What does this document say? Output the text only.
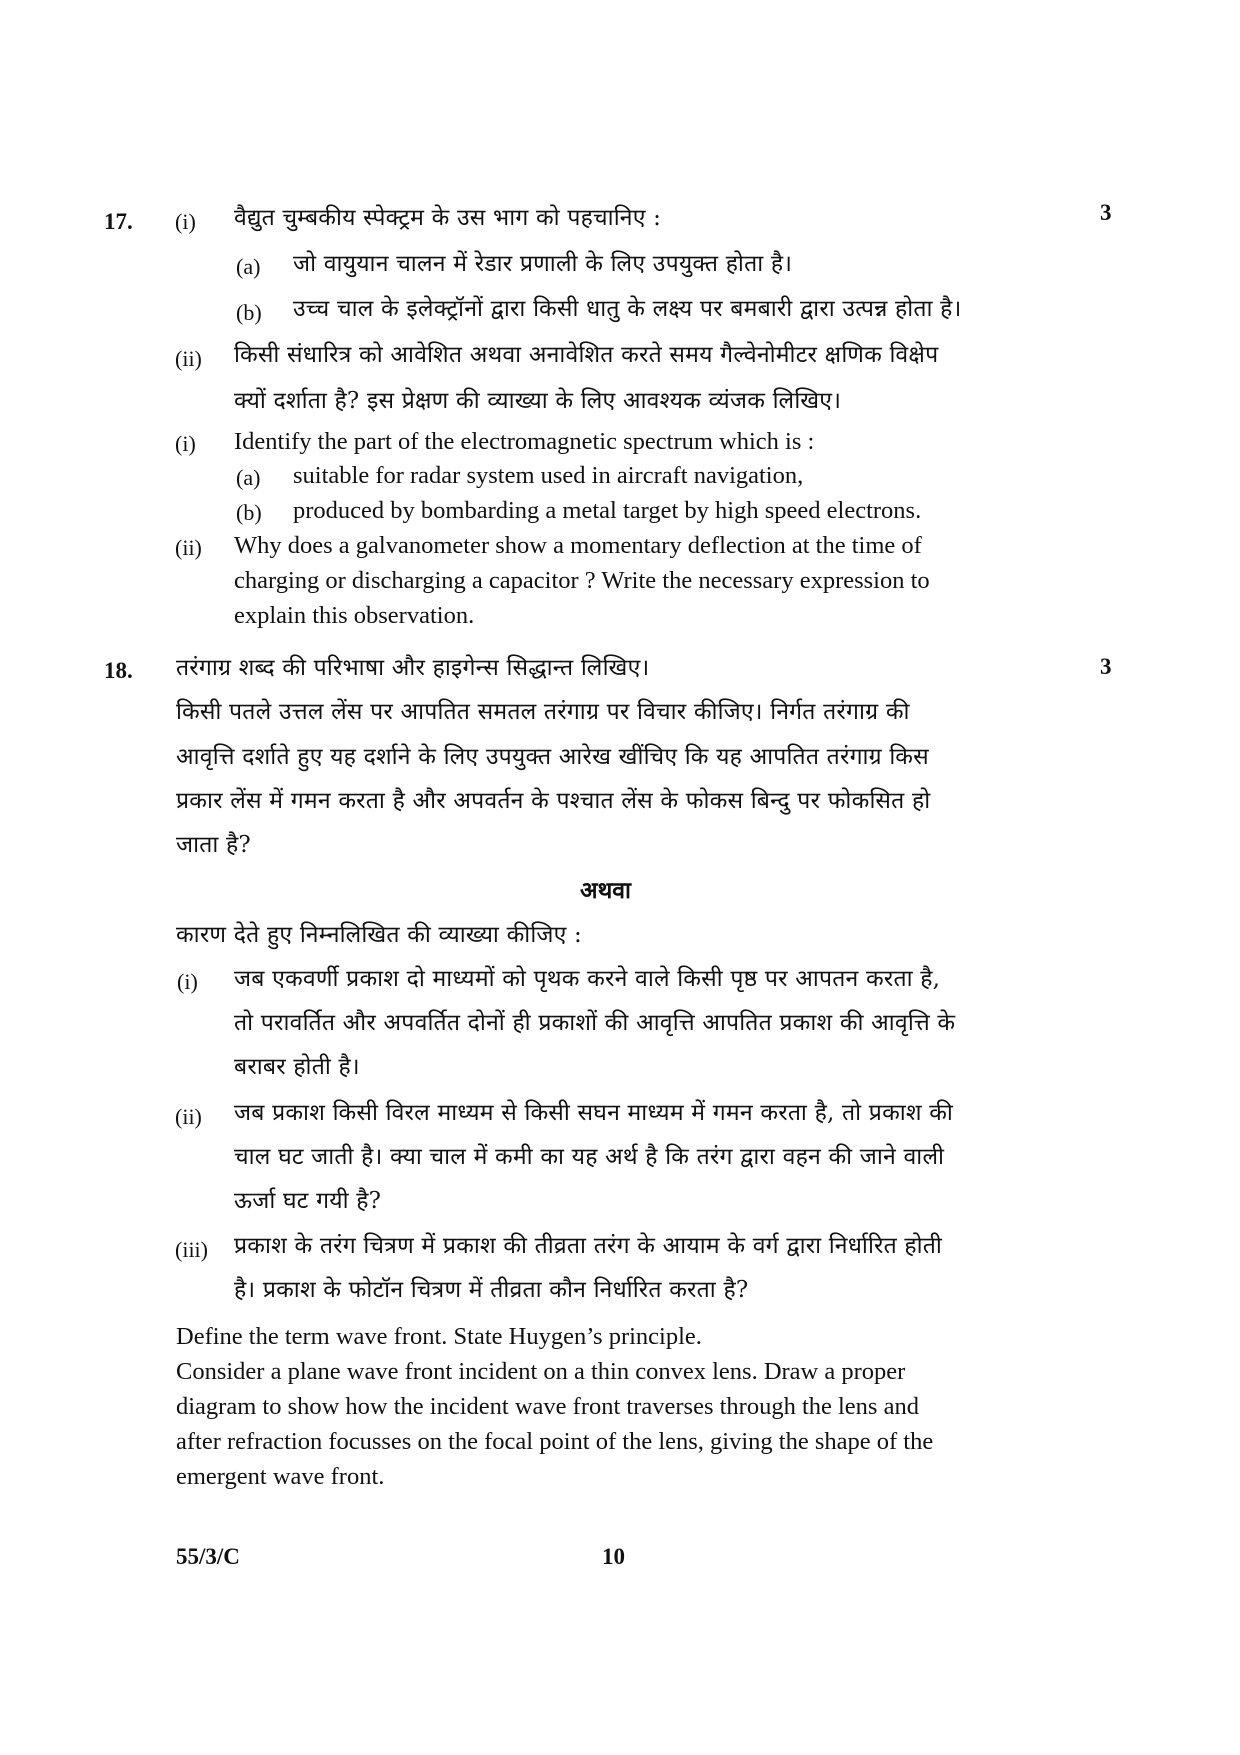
17.	3
(i) वैद्युत चुम्बकीय स्पेक्ट्रम के उस भाग को पहचानिए :
(a) जो वायुयान चालन में रेडार प्रणाली के लिए उपयुक्त होता है।
(b) उच्च चाल के इलेक्ट्रॉनों द्वारा किसी धातु के लक्ष्य पर बमबारी द्वारा उत्पन्न होता है।
(ii) किसी संधारित्र को आवेशित अथवा अनावेशित करते समय गैल्वेनोमीटर क्षणिक विक्षेप
क्यों दर्शाता है? इस प्रेक्षण की व्याख्या के लिए आवश्यक व्यंजक लिखिए।
(i) Identify the part of the electromagnetic spectrum which is :
(a) suitable for radar system used in aircraft navigation,
(b) produced by bombarding a metal target by high speed electrons.
(ii) Why does a galvanometer show a momentary deflection at the time of
charging or discharging a capacitor ? Write the necessary expression to
explain this observation.
18.	3
तरंगाग्र शब्द की परिभाषा और हाइगेन्स सिद्धान्त लिखिए।
किसी पतले उत्तल लेंस पर आपतित समतल तरंगाग्र पर विचार कीजिए। निर्गत तरंगाग्र की
आवृत्ति दर्शाते हुए यह दर्शाने के लिए उपयुक्त आरेख खींचिए कि यह आपतित तरंगाग्र किस
प्रकार लेंस में गमन करता है और अपवर्तन के पश्चात लेंस के फोकस बिन्दु पर फोकसित हो
जाता है?
अथवा
कारण देते हुए निम्नलिखित की व्याख्या कीजिए :
(i) जब एकवर्णी प्रकाश दो माध्यमों को पृथक करने वाले किसी पृष्ठ पर आपतन करता है,
तो परावर्तित और अपवर्तित दोनों ही प्रकाशों की आवृत्ति आपतित प्रकाश की आवृत्ति के
बराबर होती है।
(ii) जब प्रकाश किसी विरल माध्यम से किसी सघन माध्यम में गमन करता है, तो प्रकाश की
चाल घट जाती है। क्या चाल में कमी का यह अर्थ है कि तरंग द्वारा वहन की जाने वाली
ऊर्जा घट गयी है?
(iii) प्रकाश के तरंग चित्रण में प्रकाश की तीव्रता तरंग के आयाम के वर्ग द्वारा निर्धारित होती
है। प्रकाश के फोटॉन चित्रण में तीव्रता कौन निर्धारित करता है?
Define the term wave front. State Huygen’s principle.
Consider a plane wave front incident on a thin convex lens. Draw a proper
diagram to show how the incident wave front traverses through the lens and
after refraction focusses on the focal point of the lens, giving the shape of the
emergent wave front.
55/3/C	10
